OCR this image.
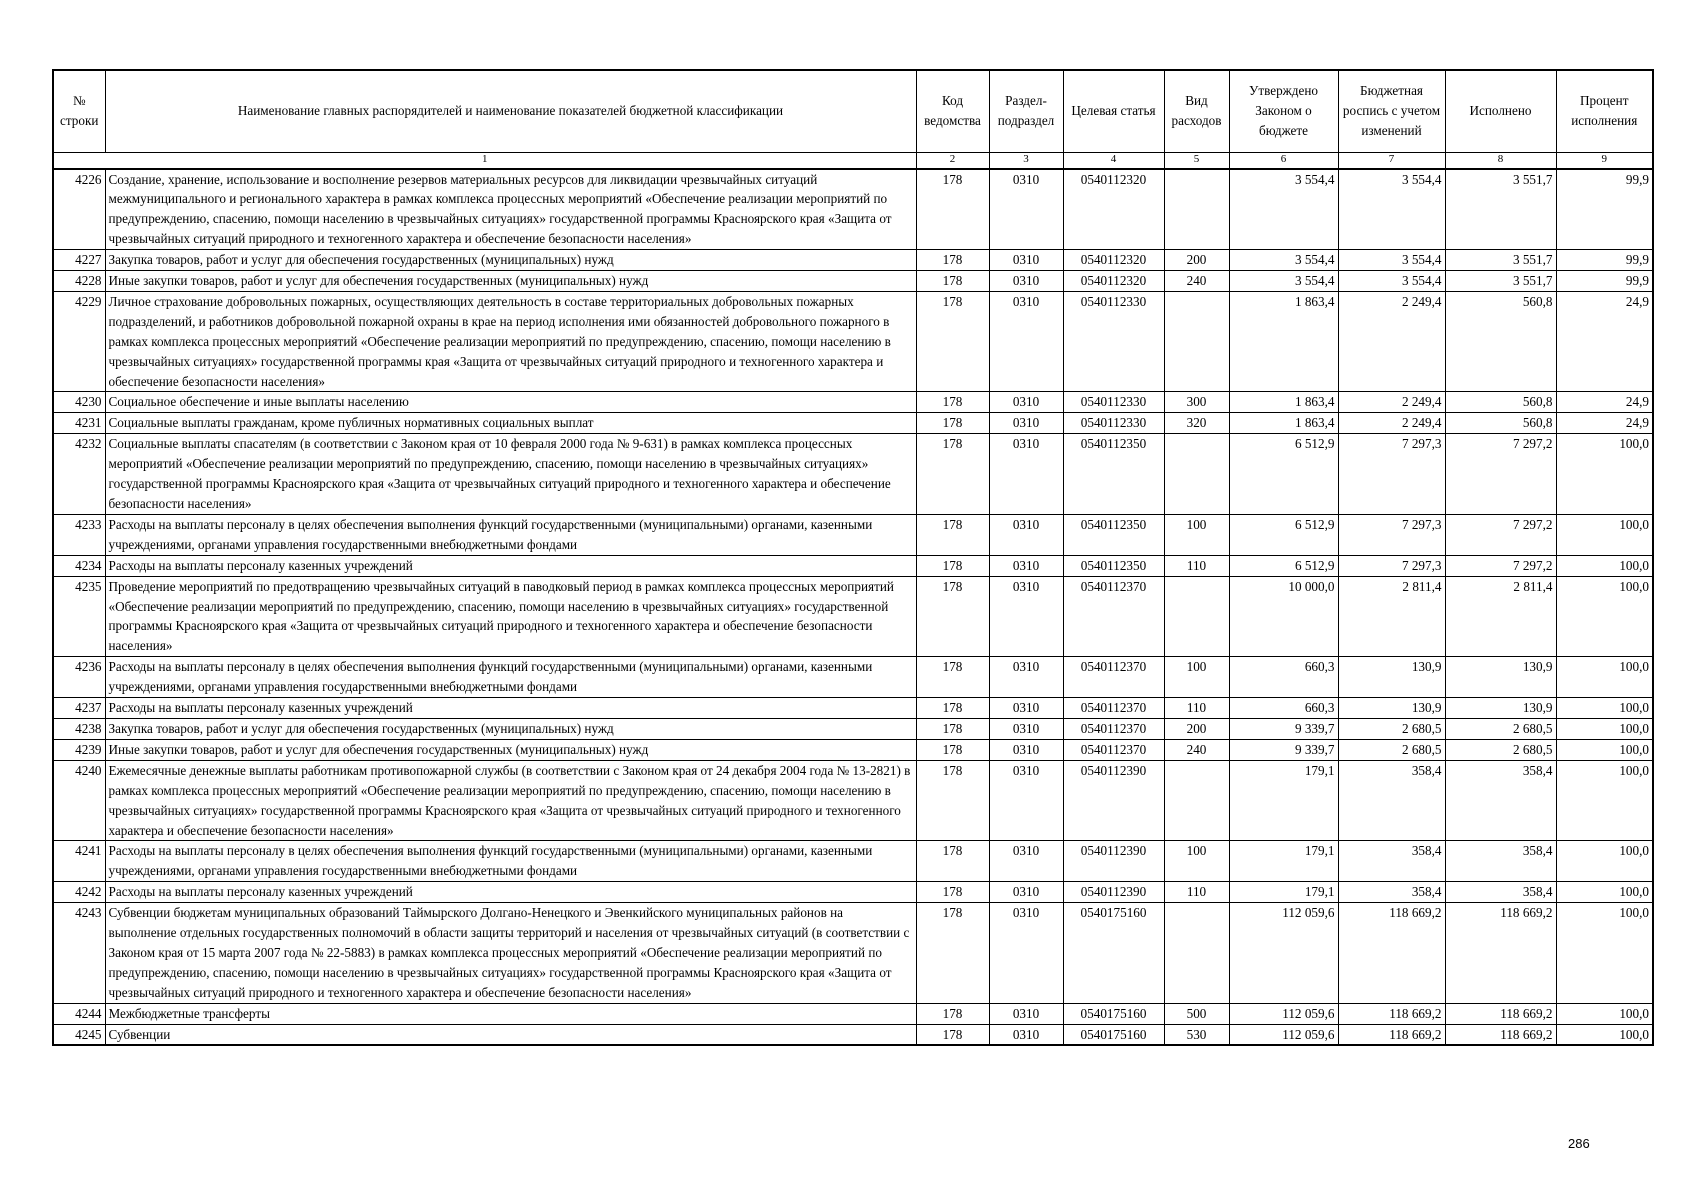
№ строки	Наименование главных распорядителей и наименование показателей бюджетной классификации	Код ведомства	Раздел-подраздел	Целевая статья	Вид расходов	Утверждено Законом о бюджете	Бюджетная роспись с учетом изменений	Исполнено	Процент исполнения
1		2	3	4	5	6	7	8	9
4226	Создание, хранение, использование и восполнение резервов материальных ресурсов для ликвидации чрезвычайных ситуаций межмуниципального и регионального характера в рамках комплекса процессных мероприятий «Обеспечение реализации мероприятий по предупреждению, спасению, помощи населению в чрезвычайных ситуациях» государственной программы Красноярского края «Защита от чрезвычайных ситуаций природного и техногенного характера и обеспечение безопасности населения»	178	0310	0540112320		3 554,4	3 554,4	3 551,7	99,9
4227	Закупка товаров, работ и услуг для обеспечения государственных (муниципальных) нужд	178	0310	0540112320	200	3 554,4	3 554,4	3 551,7	99,9
4228	Иные закупки товаров, работ и услуг для обеспечения государственных (муниципальных) нужд	178	0310	0540112320	240	3 554,4	3 554,4	3 551,7	99,9
4229	Личное страхование добровольных пожарных, осуществляющих деятельность в составе территориальных добровольных пожарных подразделений, и работников добровольной пожарной охраны в крае на период исполнения ими обязанностей добровольного пожарного в рамках комплекса процессных мероприятий «Обеспечение реализации мероприятий по предупреждению, спасению, помощи населению в чрезвычайных ситуациях» государственной программы края «Защита от чрезвычайных ситуаций природного и техногенного характера и обеспечение безопасности населения»	178	0310	0540112330		1 863,4	2 249,4	560,8	24,9
4230	Социальное обеспечение и иные выплаты населению	178	0310	0540112330	300	1 863,4	2 249,4	560,8	24,9
4231	Социальные выплаты гражданам, кроме публичных нормативных социальных выплат	178	0310	0540112330	320	1 863,4	2 249,4	560,8	24,9
4232	Социальные выплаты спасателям (в соответствии с Законом края от 10 февраля 2000 года № 9-631) в рамках комплекса процессных мероприятий «Обеспечение реализации мероприятий по предупреждению, спасению, помощи населению в чрезвычайных ситуациях» государственной программы Красноярского края «Защита от чрезвычайных ситуаций природного и техногенного характера и обеспечение безопасности населения»	178	0310	0540112350		6 512,9	7 297,3	7 297,2	100,0
4233	Расходы на выплаты персоналу в целях обеспечения выполнения функций государственными (муниципальными) органами, казенными учреждениями, органами управления государственными внебюджетными фондами	178	0310	0540112350	100	6 512,9	7 297,3	7 297,2	100,0
4234	Расходы на выплаты персоналу казенных учреждений	178	0310	0540112350	110	6 512,9	7 297,3	7 297,2	100,0
4235	Проведение мероприятий по предотвращению чрезвычайных ситуаций в паводковый период в рамках комплекса процессных мероприятий «Обеспечение реализации мероприятий по предупреждению, спасению, помощи населению в чрезвычайных ситуациях» государственной программы Красноярского края «Защита от чрезвычайных ситуаций природного и техногенного характера и обеспечение безопасности населения»	178	0310	0540112370		10 000,0	2 811,4	2 811,4	100,0
4236	Расходы на выплаты персоналу в целях обеспечения выполнения функций государственными (муниципальными) органами, казенными учреждениями, органами управления государственными внебюджетными фондами	178	0310	0540112370	100	660,3	130,9	130,9	100,0
4237	Расходы на выплаты персоналу казенных учреждений	178	0310	0540112370	110	660,3	130,9	130,9	100,0
4238	Закупка товаров, работ и услуг для обеспечения государственных (муниципальных) нужд	178	0310	0540112370	200	9 339,7	2 680,5	2 680,5	100,0
4239	Иные закупки товаров, работ и услуг для обеспечения государственных (муниципальных) нужд	178	0310	0540112370	240	9 339,7	2 680,5	2 680,5	100,0
4240	Ежемесячные денежные выплаты работникам противопожарной службы (в соответствии с Законом края от 24 декабря 2004 года № 13-2821) в рамках комплекса процессных мероприятий «Обеспечение реализации мероприятий по предупреждению, спасению, помощи населению в чрезвычайных ситуациях» государственной программы Красноярского края «Защита от чрезвычайных ситуаций природного и техногенного характера и обеспечение безопасности населения»	178	0310	0540112390		179,1	358,4	358,4	100,0
4241	Расходы на выплаты персоналу в целях обеспечения выполнения функций государственными (муниципальными) органами, казенными учреждениями, органами управления государственными внебюджетными фондами	178	0310	0540112390	100	179,1	358,4	358,4	100,0
4242	Расходы на выплаты персоналу казенных учреждений	178	0310	0540112390	110	179,1	358,4	358,4	100,0
4243	Субвенции бюджетам муниципальных образований Таймырского Долгано-Ненецкого и Эвенкийского муниципальных районов на выполнение отдельных государственных полномочий в области защиты территорий и населения от чрезвычайных ситуаций (в соответствии с Законом края от 15 марта 2007 года № 22-5883) в рамках комплекса процессных мероприятий «Обеспечение реализации мероприятий по предупреждению, спасению, помощи населению в чрезвычайных ситуациях» государственной программы Красноярского края «Защита от чрезвычайных ситуаций природного и техногенного характера и обеспечение безопасности населения»	178	0310	0540175160		112 059,6	118 669,2	118 669,2	100,0
4244	Межбюджетные трансферты	178	0310	0540175160	500	112 059,6	118 669,2	118 669,2	100,0
4245	Субвенции	178	0310	0540175160	530	112 059,6	118 669,2	118 669,2	100,0
286
